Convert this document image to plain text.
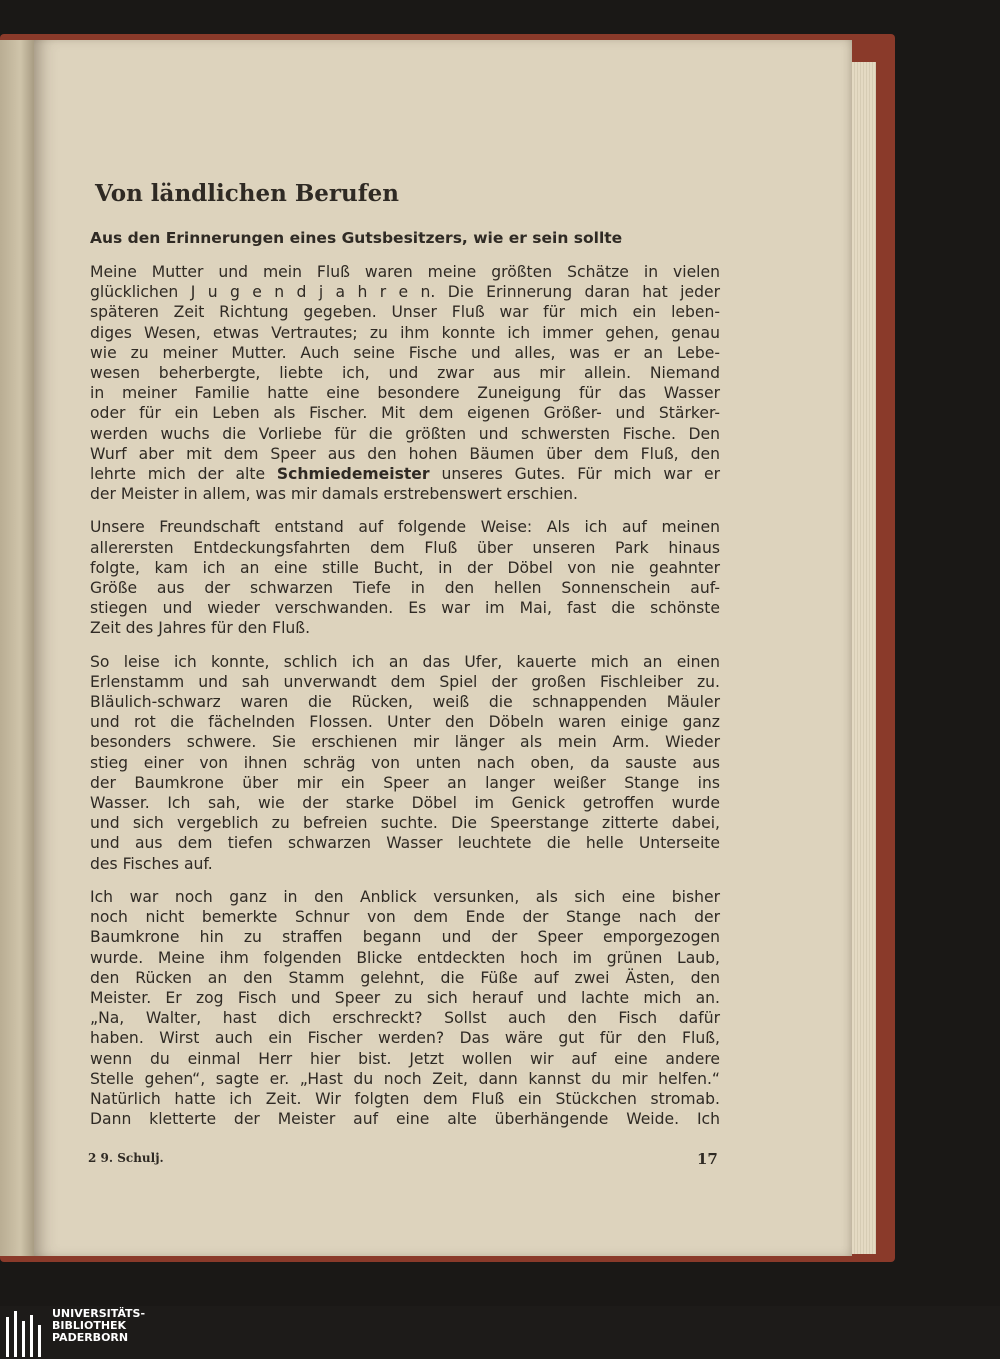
Von ländlichen Berufen
Aus den Erinnerungen eines Gutsbesitzers, wie er sein sollte

Meine Mutter und mein Fluß waren meine größten Schätze in vielen
glücklichen J u g e n d j a h r e n. Die Erinnerung daran hat jeder
späteren Zeit Richtung gegeben. Unser Fluß war für mich ein leben-
diges Wesen, etwas Vertrautes; zu ihm konnte ich immer gehen, genau
wie zu meiner Mutter. Auch seine Fische und alles, was er an Lebe-
wesen beherbergte, liebte ich, und zwar aus mir allein. Niemand
in meiner Familie hatte eine besondere Zuneigung für das Wasser
oder für ein Leben als Fischer. Mit dem eigenen Größer- und Stärker-
werden wuchs die Vorliebe für die größten und schwersten Fische. Den
Wurf aber mit dem Speer aus den hohen Bäumen über dem Fluß, den
lehrte mich der alte Schmiedemeister unseres Gutes. Für mich war er
der Meister in allem, was mir damals erstrebenswert erschien.

Unsere Freundschaft entstand auf folgende Weise: Als ich auf meinen
allerersten Entdeckungsfahrten dem Fluß über unseren Park hinaus
folgte, kam ich an eine stille Bucht, in der Döbel von nie geahnter
Größe aus der schwarzen Tiefe in den hellen Sonnenschein auf-
stiegen und wieder verschwanden. Es war im Mai, fast die schönste
Zeit des Jahres für den Fluß.

So leise ich konnte, schlich ich an das Ufer, kauerte mich an einen
Erlenstamm und sah unverwandt dem Spiel der großen Fischleiber zu.
Bläulich-schwarz waren die Rücken, weiß die schnappenden Mäuler
und rot die fächelnden Flossen. Unter den Döbeln waren einige ganz
besonders schwere. Sie erschienen mir länger als mein Arm. Wieder
stieg einer von ihnen schräg von unten nach oben, da sauste aus
der Baumkrone über mir ein Speer an langer weißer Stange ins
Wasser. Ich sah, wie der starke Döbel im Genick getroffen wurde
und sich vergeblich zu befreien suchte. Die Speerstange zitterte dabei,
und aus dem tiefen schwarzen Wasser leuchtete die helle Unterseite
des Fisches auf.

Ich war noch ganz in den Anblick versunken, als sich eine bisher
noch nicht bemerkte Schnur von dem Ende der Stange nach der
Baumkrone hin zu straffen begann und der Speer emporgezogen
wurde. Meine ihm folgenden Blicke entdeckten hoch im grünen Laub,
den Rücken an den Stamm gelehnt, die Füße auf zwei Ästen, den
Meister. Er zog Fisch und Speer zu sich herauf und lachte mich an.
„Na, Walter, hast dich erschreckt? Sollst auch den Fisch dafür
haben. Wirst auch ein Fischer werden? Das wäre gut für den Fluß,
wenn du einmal Herr hier bist. Jetzt wollen wir auf eine andere
Stelle gehen“, sagte er. „Hast du noch Zeit, dann kannst du mir helfen.“
Natürlich hatte ich Zeit. Wir folgten dem Fluß ein Stückchen stromab.
Dann kletterte der Meister auf eine alte überhängende Weide. Ich

2 9. Schulj.	17
UNIVERSITÄTS-
BIBLIOTHEK
PADERBORN
